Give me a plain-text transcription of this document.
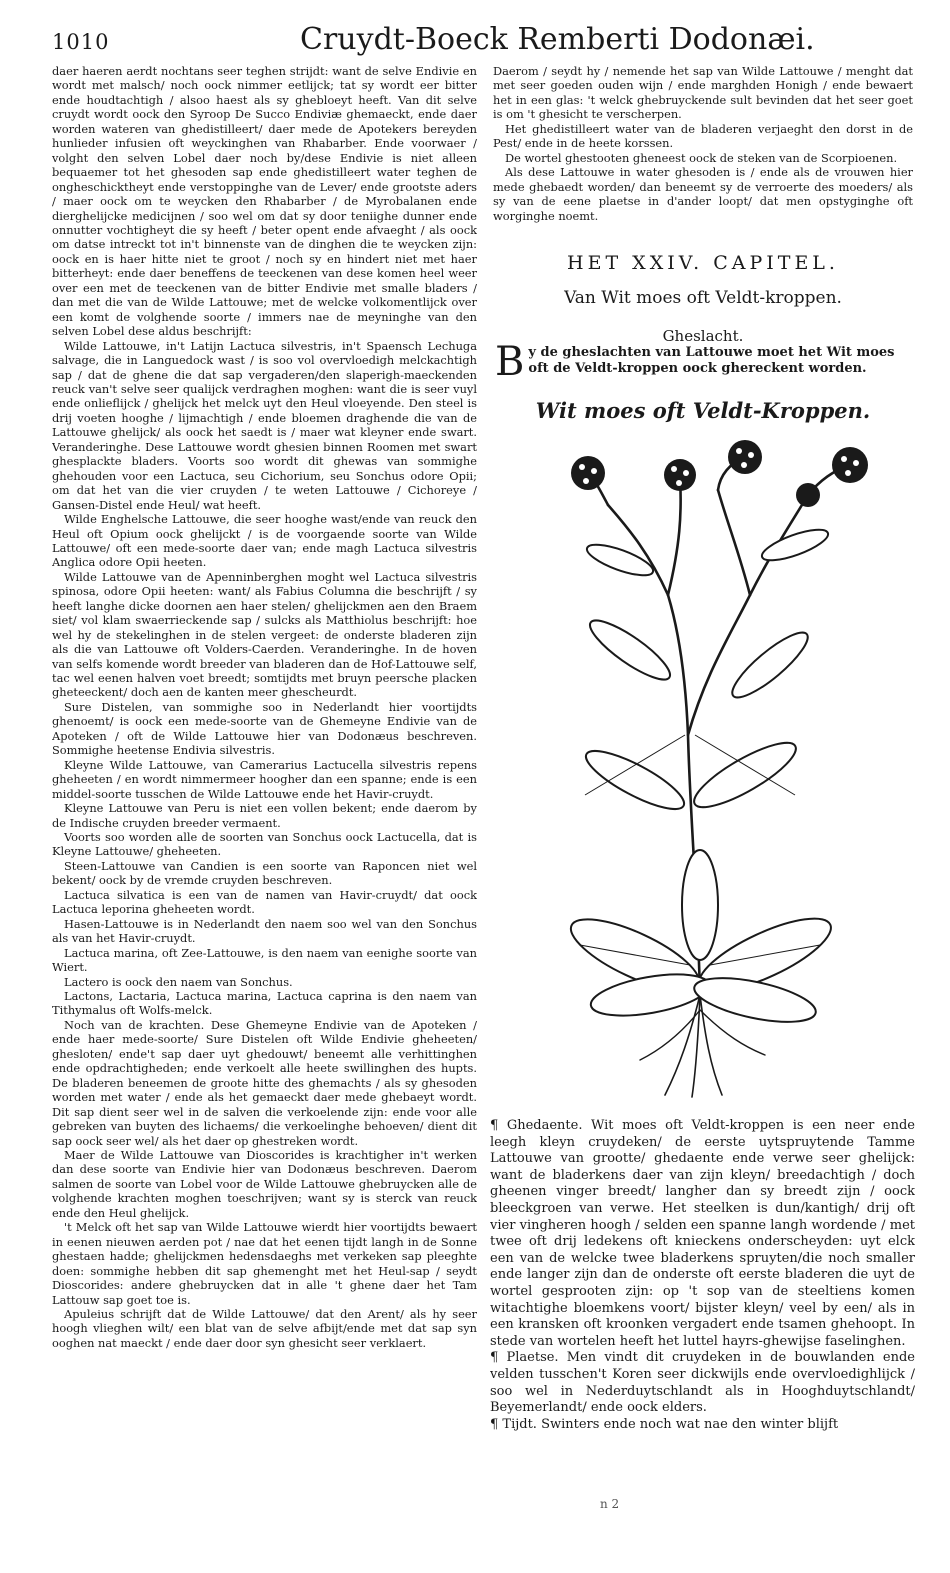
1010	Cruydt-Boeck Remberti Dodonæi.

daer haeren aerdt nochtans seer teghen strijdt: want de selve Endivie en wordt met malsch/ noch oock nimmer eetlijck; tat sy wordt eer bitter ende houdtachtigh / alsoo haest als sy ghebloeyt heeft. Van dit selve cruydt wordt oock den Syroop De Succo Endiviæ ghemaeckt, ende daer worden wateren van ghedistilleert/ daer mede de Apotekers bereyden hunlieder infusien oft weyckinghen van Rhabarber. Ende voorwaer / volght den selven Lobel daer noch by/dese Endivie is niet alleen bequaemer tot het ghesoden sap ende ghedistilleert water teghen de ongheschicktheyt ende verstoppinghe van de Lever/ ende grootste aders / maer oock om te weycken den Rhabarber / de Myrobalanen ende dierghelijcke medicijnen / soo wel om dat sy door teniighe dunner ende onnutter vochtigheyt die sy heeft / beter opent ende afvaeght / als oock om datse intreckt tot in't binnenste van de dinghen die te weycken zijn: oock en is haer hitte niet te groot / noch sy en hindert niet met haer bitterheyt: ende daer beneffens de teeckenen van dese komen heel weer over een met de teeckenen van de bitter Endivie met smalle bladers / dan met die van de Wilde Lattouwe; met de welcke volkomentlijck over een komt de volghende soorte / immers nae de meyninghe van den selven Lobel dese aldus beschrijft:

Wilde Lattouwe, in't Latijn Lactuca silvestris, in't Spaensch Lechuga salvage, die in Languedock wast / is soo vol overvloedigh melckachtigh sap / dat de ghene die dat sap vergaderen/den slaperigh-maeckenden reuck van't selve seer qualijck verdraghen moghen: want die is seer vuyl ende onlieflijck / ghelijck het melck uyt den Heul vloeyende. Den steel is drij voeten hooghe / lijmachtigh / ende bloemen draghende die van de Lattouwe ghelijck/ als oock het saedt is / maer wat kleyner ende swart. Veranderinghe. Dese Lattouwe wordt ghesien binnen Roomen met swart ghesplackte bladers. Voorts soo wordt dit ghewas van sommighe ghehouden voor een Lactuca, seu Cichorium, seu Sonchus odore Opii; om dat het van die vier cruyden / te weten Lattouwe / Cichoreye / Gansen-Distel ende Heul/ wat heeft.

Wilde Enghelsche Lattouwe, die seer hooghe wast/ende van reuck den Heul oft Opium oock ghelijckt / is de voorgaende soorte van Wilde Lattouwe/ oft een mede-soorte daer van; ende magh Lactuca silvestris Anglica odore Opii heeten.

Wilde Lattouwe van de Apenninberghen moght wel Lactuca silvestris spinosa, odore Opii heeten: want/ als Fabius Columna die beschrijft / sy heeft langhe dicke doornen aen haer stelen/ ghelijckmen aen den Braem siet/ vol klam swaerrieckende sap / sulcks als Matthiolus beschrijft: hoe wel hy de stekelinghen in de stelen vergeet: de onderste bladeren zijn als die van Lattouwe oft Volders-Caerden. Veranderinghe. In de hoven van selfs komende wordt breeder van bladeren dan de Hof-Lattouwe self, tac wel eenen halven voet breedt; somtijdts met bruyn peersche placken gheteeckent/ doch aen de kanten meer ghescheurdt.

Sure Distelen, van sommighe soo in Nederlandt hier voortijdts ghenoemt/ is oock een mede-soorte van de Ghemeyne Endivie van de Apoteken / oft de Wilde Lattouwe hier van Dodonæus beschreven. Sommighe heetense Endivia silvestris.

Kleyne Wilde Lattouwe, van Camerarius Lactucella silvestris repens gheheeten / en wordt nimmermeer hoogher dan een spanne; ende is een middel-soorte tusschen de Wilde Lattouwe ende het Havir-cruydt.

Kleyne Lattouwe van Peru is niet een vollen bekent; ende daerom by de Indische cruyden breeder vermaent.

Voorts soo worden alle de soorten van Sonchus oock Lactucella, dat is Kleyne Lattouwe/ gheheeten.

Steen-Lattouwe van Candien is een soorte van Raponcen niet wel bekent/ oock by de vremde cruyden beschreven.

Lactuca silvatica is een van de namen van Havir-cruydt/ dat oock Lactuca leporina gheheeten wordt.

Hasen-Lattouwe is in Nederlandt den naem soo wel van den Sonchus als van het Havir-cruydt.

Lactuca marina, oft Zee-Lattouwe, is den naem van eenighe soorte van Wiert.

Lactero is oock den naem van Sonchus.

Lactons, Lactaria, Lactuca marina, Lactuca caprina is den naem van Tithymalus oft Wolfs-melck.

Noch van de krachten. Dese Ghemeyne Endivie van de Apoteken / ende haer mede-soorte/ Sure Distelen oft Wilde Endivie gheheeten/ ghesloten/ ende't sap daer uyt ghedouwt/ beneemt alle verhittinghen ende opdrachtigheden; ende verkoelt alle heete swillinghen des hupts. De bladeren beneemen de groote hitte des ghemachts / als sy ghesoden worden met water / ende als het gemaeckt daer mede ghebaeyt wordt. Dit sap dient seer wel in de salven die verkoelende zijn: ende voor alle gebreken van buyten des lichaems/ die verkoelinghe behoeven/ dient dit sap oock seer wel/ als het daer op ghestreken wordt.

Maer de Wilde Lattouwe van Dioscorides is krachtigher in't werken dan dese soorte van Endivie hier van Dodonæus beschreven. Daerom salmen de soorte van Lobel voor de Wilde Lattouwe ghebruycken alle de volghende krachten moghen toeschrijven; want sy is sterck van reuck ende den Heul ghelijck.

't Melck oft het sap van Wilde Lattouwe wierdt hier voortijdts bewaert in eenen nieuwen aerden pot / nae dat het eenen tijdt langh in de Sonne ghestaen hadde; ghelijckmen hedensdaeghs met verkeken sap pleeghte doen: sommighe hebben dit sap ghemenght met het Heul-sap / seydt Dioscorides: andere ghebruycken dat in alle 't ghene daer het Tam Lattouw sap goet toe is.

Apuleius schrijft dat de Wilde Lattouwe/ dat den Arent/ als hy seer hoogh vlieghen wilt/ een blat van de selve afbijt/ende met dat sap syn ooghen nat maeckt / ende daer door syn ghesicht seer verklaert.

Daerom / seydt hy / nemende het sap van Wilde Lattouwe / menght dat met seer goeden ouden wijn / ende marghden Honigh / ende bewaert het in een glas: 't welck ghebruyckende sult bevinden dat het seer goet is om 't ghesicht te verscherpen.

Het ghedistilleert water van de bladeren verjaeght den dorst in de Pest/ ende in de heete korssen.

De wortel ghestooten gheneest oock de steken van de Scorpioenen.

Als dese Lattouwe in water ghesoden is / ende als de vrouwen hier mede ghebaedt worden/ dan beneemt sy de verroerte des moeders/ als sy van de eene plaetse in d'ander loopt/ dat men opstyginghe oft worginghe noemt.

HET XXIV. CAPITEL.
Van Wit moes oft Veldt-kroppen.
Gheslacht.
By de gheslachten van Lattouwe moet het Wit moes oft de Veldt-kroppen oock ghereckent worden.
Wit moes oft Veldt-Kroppen.

¶ Ghedaente. Wit moes oft Veldt-kroppen is een neer ende leegh kleyn cruydeken/ de eerste uytspruytende Tamme Lattouwe van grootte/ ghedaente ende verwe seer ghelijck: want de bladerkens daer van zijn kleyn/ breedachtigh / doch gheenen vinger breedt/ langher dan sy breedt zijn / oock bleeckgroen van verwe. Het steelken is dun/kantigh/ drij oft vier vingheren hoogh / selden een spanne langh wordende / met twee oft drij ledekens oft knieckens onderscheyden: uyt elck een van de welcke twee bladerkens spruyten/die noch smaller ende langer zijn dan de onderste oft eerste bladeren die uyt de wortel gesprooten zijn: op 't sop van de steeltiens komen witachtighe bloemkens voort/ bijster kleyn/ veel by een/ als in een kransken oft kroonken vergadert ende tsamen ghehoopt. In stede van wortelen heeft het luttel hayrs-ghewijse faselinghen.

¶ Plaetse. Men vindt dit cruydeken in de bouwlanden ende velden tusschen't Koren seer dickwijls ende overvloedighlijck / soo wel in Nederduytschlandt als in Hooghduytschlandt/ Beyemerlandt/ ende oock elders.

¶ Tijdt. Swinters ende noch wat nae den winter blijft

n 2
